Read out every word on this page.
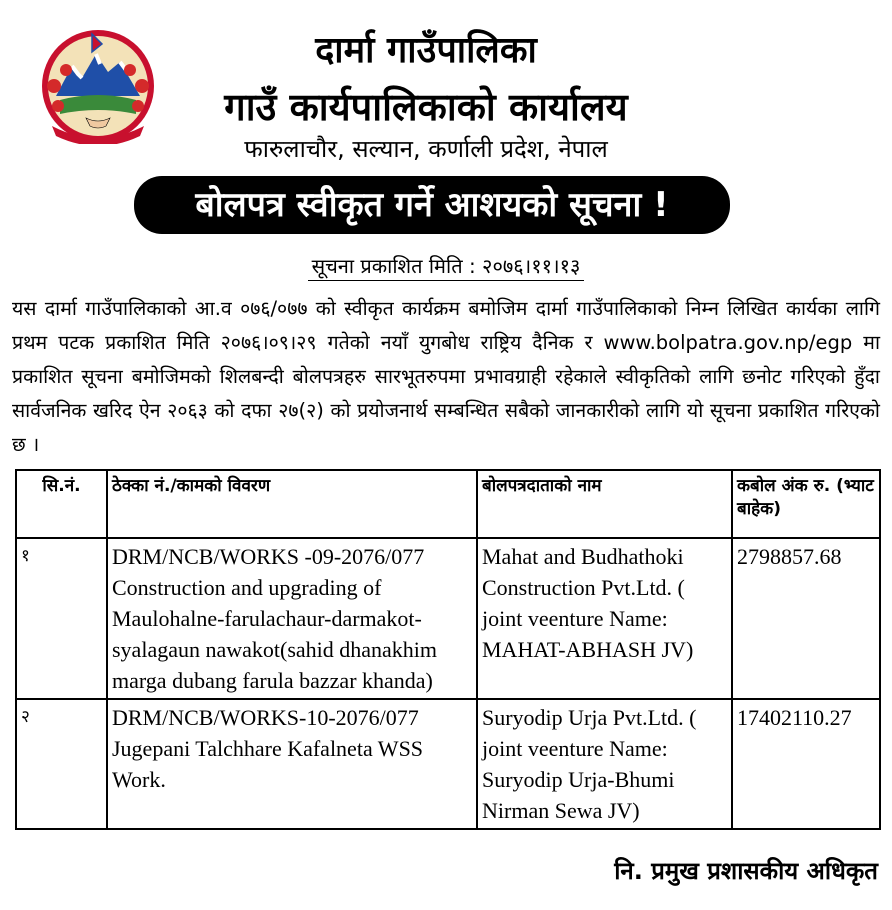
दार्मा गाउँपालिका
गाउँ कार्यपालिकाको कार्यालय
फारुलाचौर, सल्यान, कर्णाली प्रदेश, नेपाल
बोलपत्र स्वीकृत गर्ने आशयको सूचना !
सूचना प्रकाशित मिति : २०७६।११।१३
यस दार्मा गाउँपालिकाको आ.व ०७६/०७७ को स्वीकृत कार्यक्रम बमोजिम दार्मा गाउँपालिकाको निम्न लिखित कार्यका लागि प्रथम पटक प्रकाशित मिति २०७६।०९।२९ गतेको नयाँ युगबोध राष्ट्रिय दैनिक र www.bolpatra.gov.np/egp मा प्रकाशित सूचना बमोजिमको शिलबन्दी बोलपत्रहरु सारभूतरुपमा प्रभावग्राही रहेकाले स्वीकृतिको लागि छनोट गरिएको हुँदा सार्वजनिक खरिद ऐन २०६३ को दफा २७(२) को प्रयोजनार्थ सम्बन्धित सबैको जानकारीको लागि यो सूचना प्रकाशित गरिएको छ ।
सि.नं.	ठेक्का नं./कामको विवरण	बोलपत्रदाताको नाम	कबोल अंक रु. (भ्याट बाहेक)
१	DRM/NCB/WORKS -09-2076/077 Construction and upgrading of Maulohalne-farulachaur-darmakot-syalagaun nawakot(sahid dhanakhim marga dubang farula bazzar khanda)	Mahat and Budhathoki Construction Pvt.Ltd. ( joint veenture Name: MAHAT-ABHASH JV)	2798857.68
२	DRM/NCB/WORKS-10-2076/077 Jugepani Talchhare Kafalneta WSS Work.	Suryodip Urja Pvt.Ltd. ( joint veenture Name: Suryodip Urja-Bhumi Nirman Sewa JV)	17402110.27
नि. प्रमुख प्रशासकीय अधिकृत
